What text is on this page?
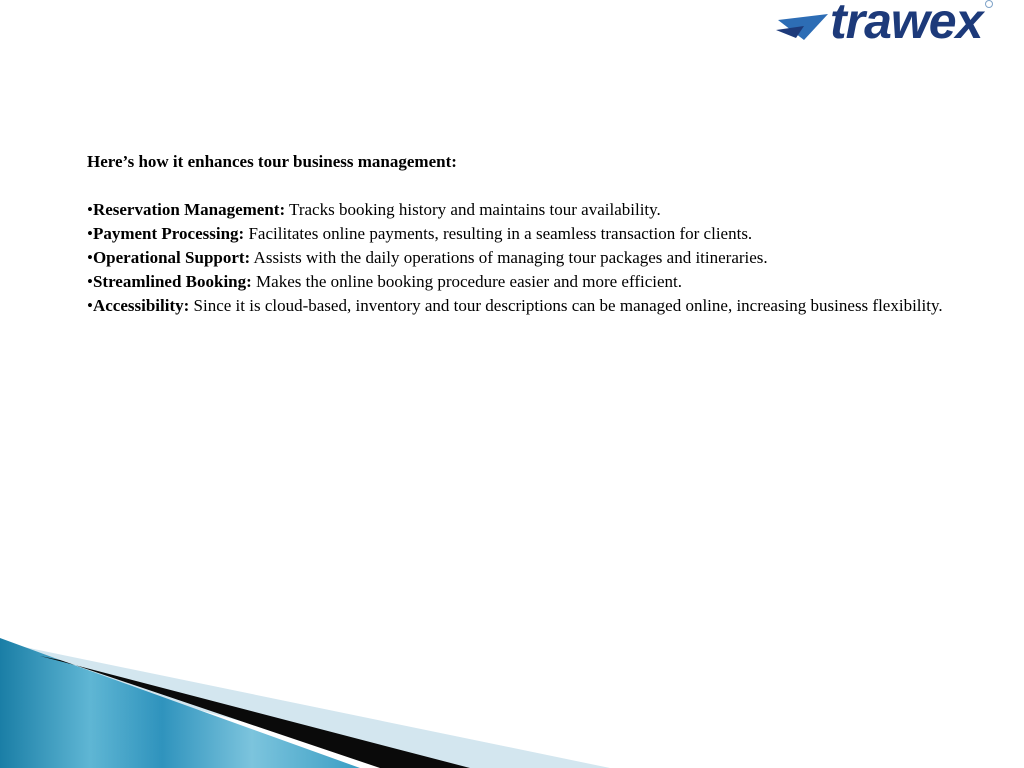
trawex

Here’s how it enhances tour business management:

•Reservation Management: Tracks booking history and maintains tour availability.
•Payment Processing: Facilitates online payments, resulting in a seamless transaction for clients.
•Operational Support: Assists with the daily operations of managing tour packages and itineraries.
•Streamlined Booking: Makes the online booking procedure easier and more efficient.
•Accessibility: Since it is cloud-based, inventory and tour descriptions can be managed online, increasing business flexibility.
